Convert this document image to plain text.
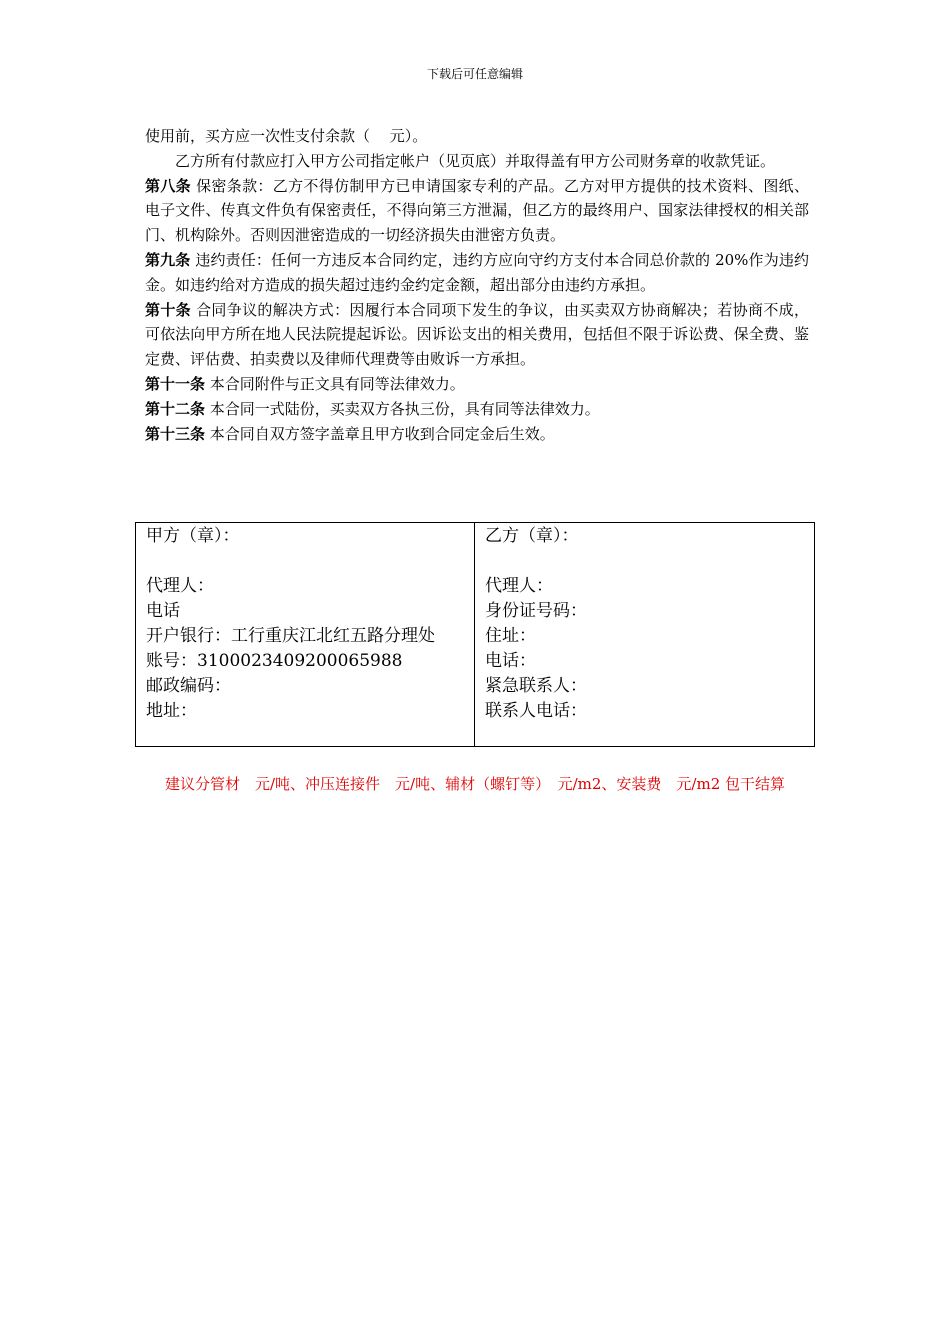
下载后可任意编辑

使用前，买方应一次性支付余款（　 元）。

乙方所有付款应打入甲方公司指定帐户（见页底）并取得盖有甲方公司财务章的收款凭证。

第八条 保密条款：乙方不得仿制甲方已申请国家专利的产品。乙方对甲方提供的技术资料、图纸、电子文件、传真文件负有保密责任，不得向第三方泄漏，但乙方的最终用户、国家法律授权的相关部门、机构除外。否则因泄密造成的一切经济损失由泄密方负责。

第九条 违约责任：任何一方违反本合同约定，违约方应向守约方支付本合同总价款的 20%作为违约金。如违约给对方造成的损失超过违约金约定金额，超出部分由违约方承担。

第十条 合同争议的解决方式：因履行本合同项下发生的争议，由买卖双方协商解决；若协商不成，可依法向甲方所在地人民法院提起诉讼。因诉讼支出的相关费用，包括但不限于诉讼费、保全费、鉴定费、评估费、拍卖费以及律师代理费等由败诉一方承担。

第十一条 本合同附件与正文具有同等法律效力。

第十二条 本合同一式陆份，买卖双方各执三份，具有同等法律效力。

第十三条 本合同自双方签字盖章且甲方收到合同定金后生效。

甲方（章）：
代理人：
电话
开户银行：工行重庆江北红五路分理处
账号：3100023409200065988
邮政编码：
地址：

乙方（章）：
代理人：
身份证号码：
住址：
电话：
紧急联系人：
联系人电话：
建议分管材　元/吨、冲压连接件　元/吨、辅材（螺钉等）　元/m2、安装费　元/m2 包干结算
